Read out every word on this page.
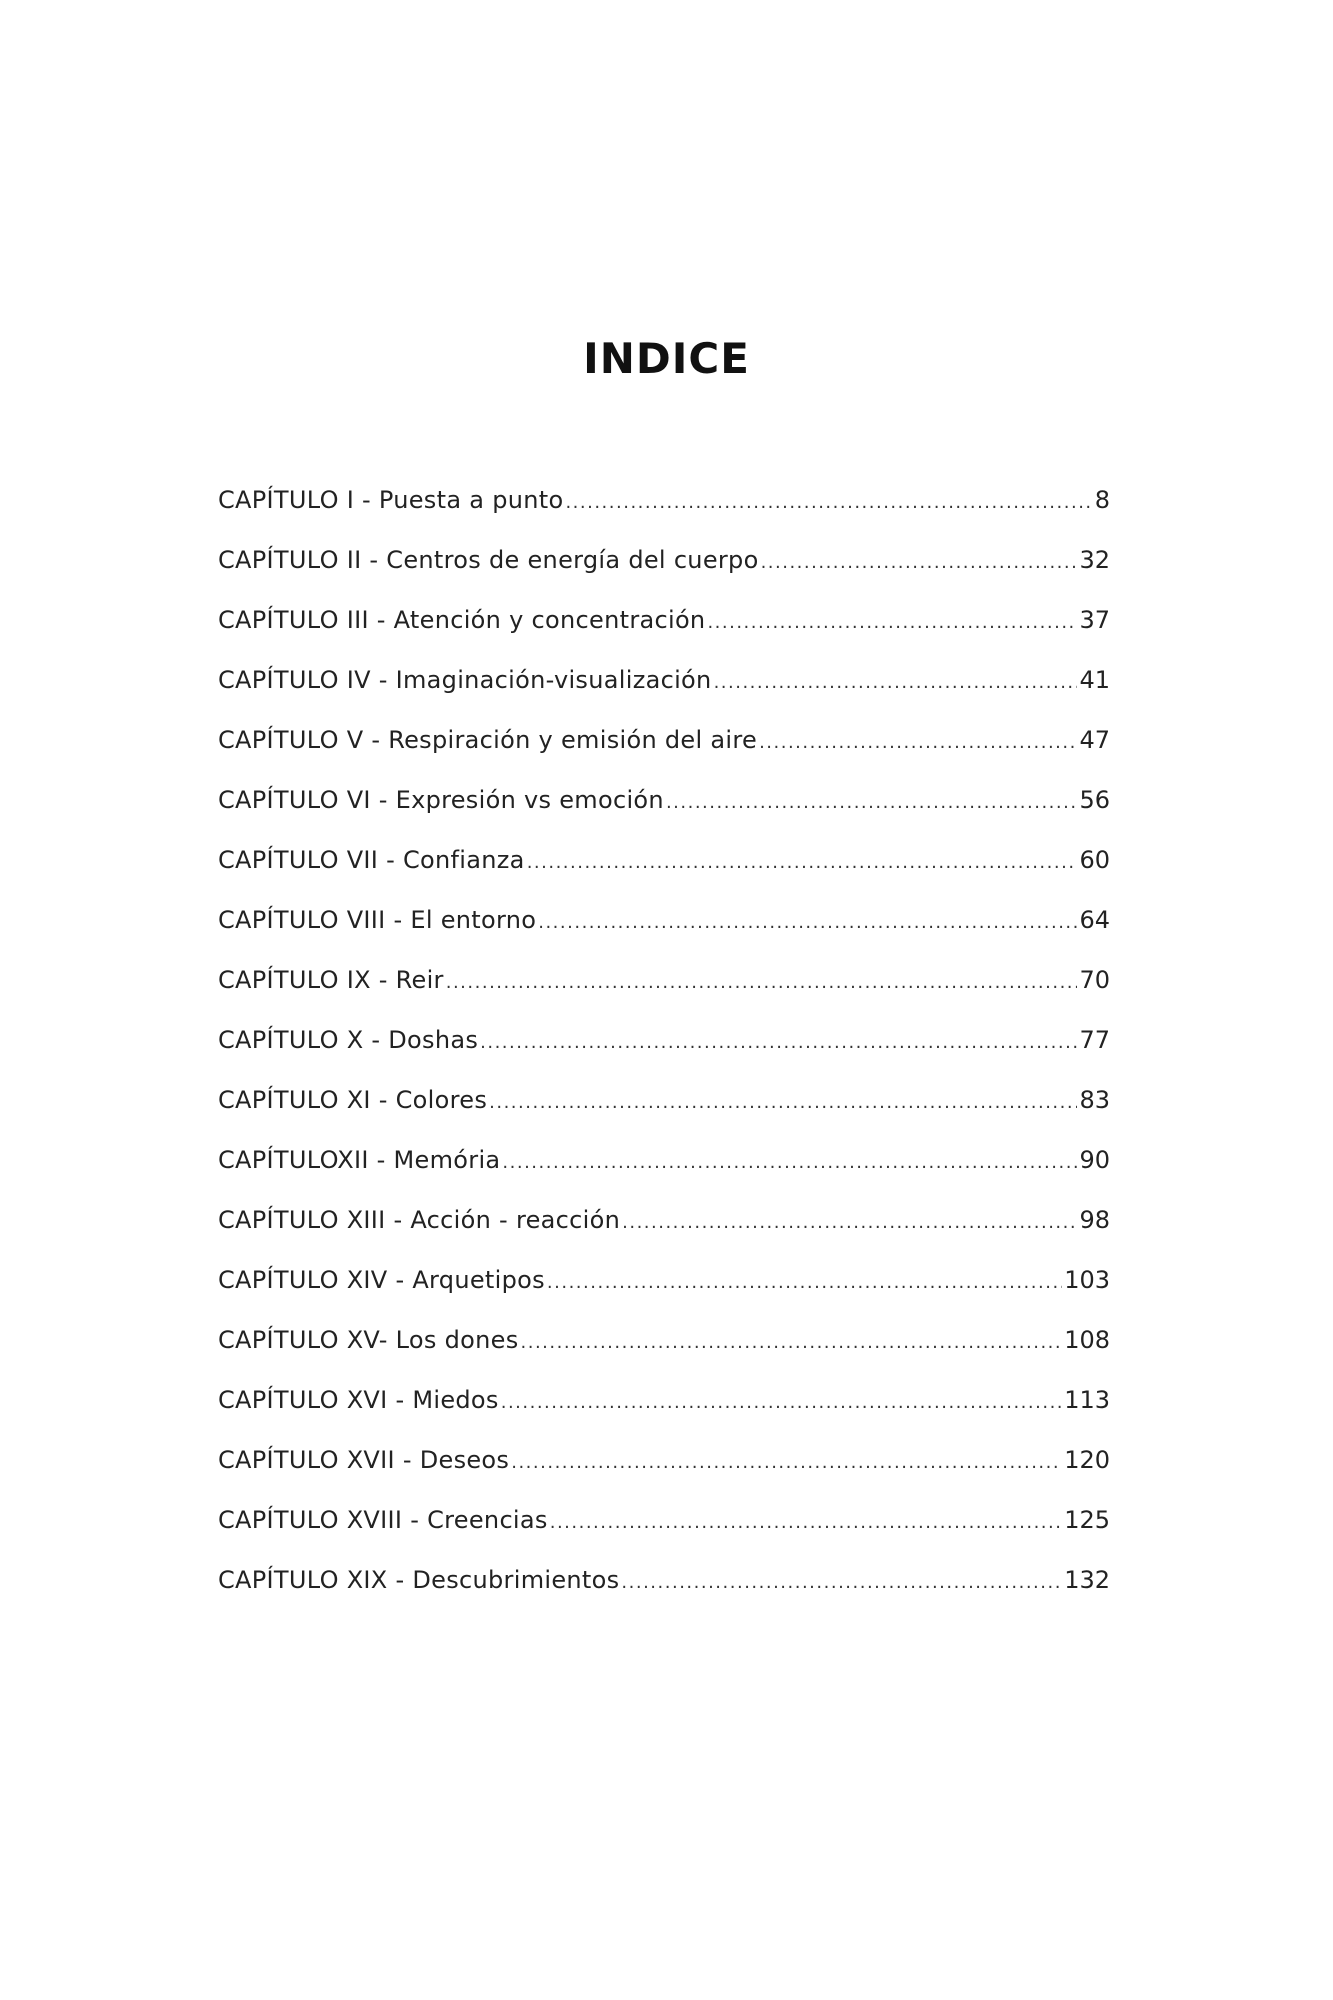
INDICE
CAPÍTULO I - Puesta a punto .....	8
CAPÍTULO II - Centros de energía del cuerpo .....	32
CAPÍTULO III - Atención y concentración .....	37
CAPÍTULO IV - Imaginación-visualización .....	41
CAPÍTULO V - Respiración y emisión del aire .....	47
CAPÍTULO VI - Expresión vs emoción .....	56
CAPÍTULO VII - Confianza .....	60
CAPÍTULO VIII - El entorno .....	64
CAPÍTULO IX - Reir .....	70
CAPÍTULO X - Doshas .....	77
CAPÍTULO XI - Colores .....	83
CAPÍTULOXII - Memória .....	90
CAPÍTULO XIII - Acción - reacción .....	98
CAPÍTULO XIV - Arquetipos .....	103
CAPÍTULO XV- Los dones .....	108
CAPÍTULO XVI - Miedos .....	113
CAPÍTULO XVII - Deseos .....	120
CAPÍTULO XVIII - Creencias .....	125
CAPÍTULO XIX - Descubrimientos .....	132
